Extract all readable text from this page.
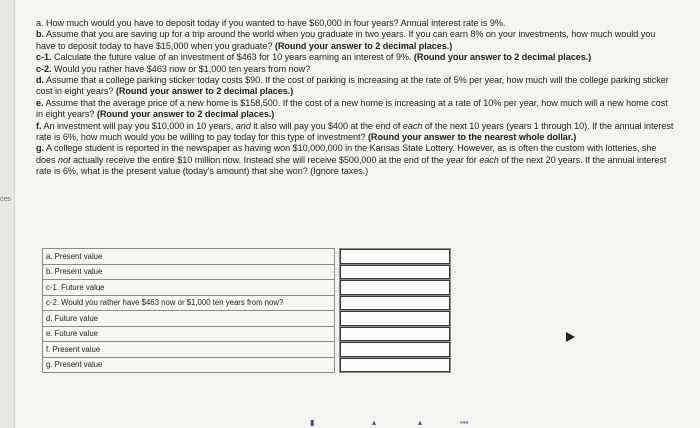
ces

a. How much would you have to deposit today if you wanted to have $60,000 in four years? Annual interest rate is 9%.

b. Assume that you are saving up for a trip around the world when you graduate in two years. If you can earn 8% on your investments, how much would you have to deposit today to have $15,000 when you graduate? (Round your answer to 2 decimal places.)

c-1. Calculate the future value of an investment of $463 for 10 years earning an interest of 9%. (Round your answer to 2 decimal places.)

c-2. Would you rather have $463 now or $1,000 ten years from now?

d. Assume that a college parking sticker today costs $90. If the cost of parking is increasing at the rate of 5% per year, how much will the college parking sticker cost in eight years? (Round your answer to 2 decimal places.)

e. Assume that the average price of a new home is $158,500. If the cost of a new home is increasing at a rate of 10% per year, how much will a new home cost in eight years? (Round your answer to 2 decimal places.)

f. An investment will pay you $10,000 in 10 years, and it also will pay you $400 at the end of each of the next 10 years (years 1 through 10). If the annual interest rate is 6%, how much would you be willing to pay today for this type of investment? (Round your answer to the nearest whole dollar.)

g. A college student is reported in the newspaper as having won $10,000,000 in the Kansas State Lottery. However, as is often the custom with lotteries, she does not actually receive the entire $10 million now. Instead she will receive $500,000 at the end of the year for each of the next 20 years. If the annual interest rate is 6%, what is the present value (today's amount) that she won? (Ignore taxes.)

a. Present value		
b. Present value		
c-1. Future value		
c-2. Would you rather have $463 now or $1,000 ten years from now?		
d. Future value		
e. Future value		
f. Present value		
g. Present value		
▮	▴	▴	▪▪▪
